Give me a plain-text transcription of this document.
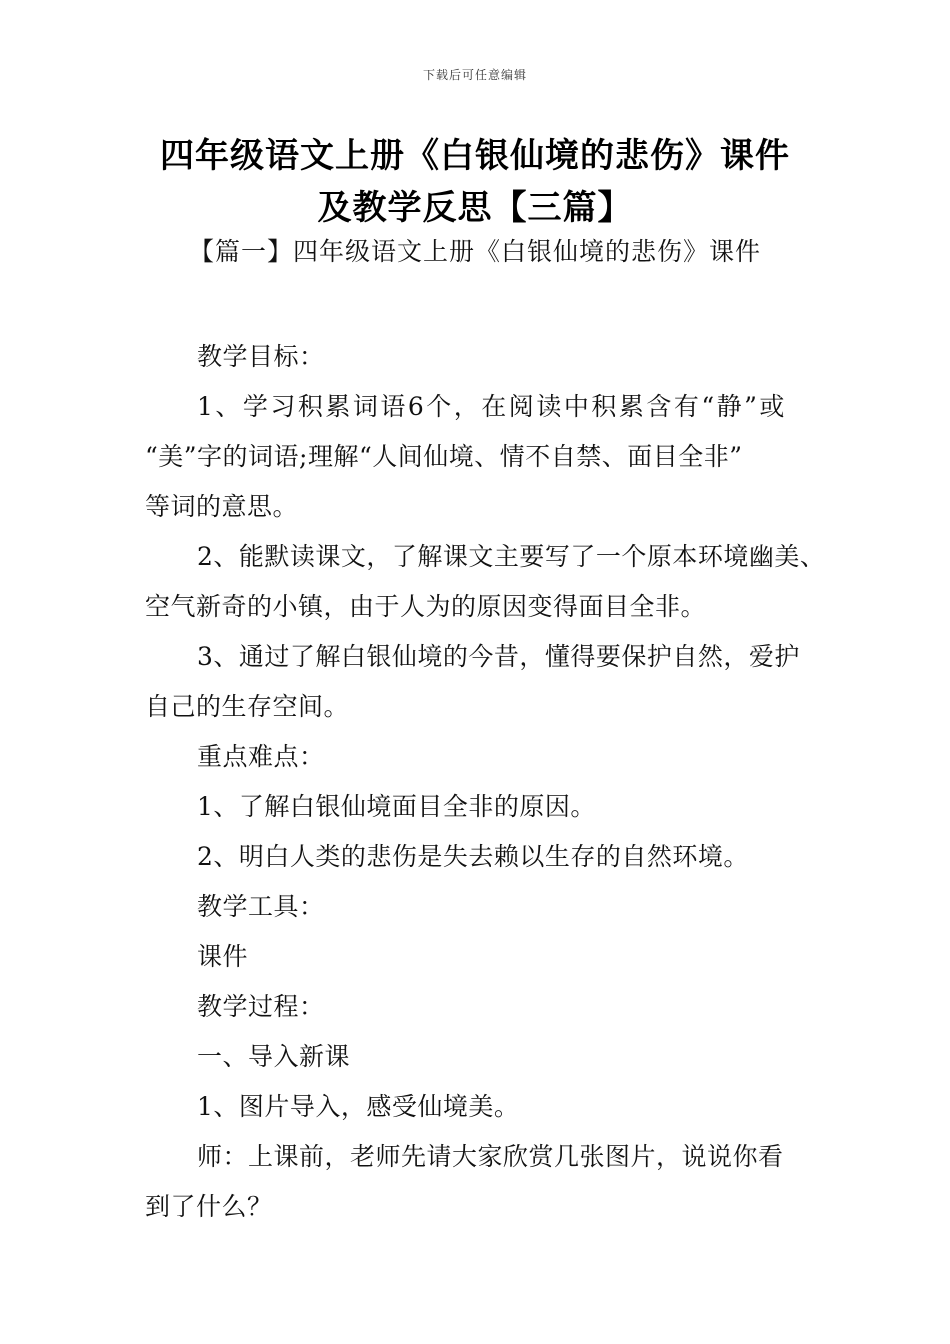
下载后可任意编辑
四年级语文上册《白银仙境的悲伤》课件
及教学反思【三篇】
【篇一】四年级语文上册《白银仙境的悲伤》课件

教学目标：

1、学习积累词语6个，在阅读中积累含有“静”或

“美”字的词语;理解“人间仙境、情不自禁、面目全非”

等词的意思。

2、能默读课文，了解课文主要写了一个原本环境幽美、

空气新奇的小镇，由于人为的原因变得面目全非。

3、通过了解白银仙境的今昔，懂得要保护自然，爱护

自己的生存空间。

重点难点：

1、了解白银仙境面目全非的原因。

2、明白人类的悲伤是失去赖以生存的自然环境。

教学工具：

课件

教学过程：

一、导入新课

1、图片导入，感受仙境美。

师：上课前，老师先请大家欣赏几张图片，说说你看

到了什么？
